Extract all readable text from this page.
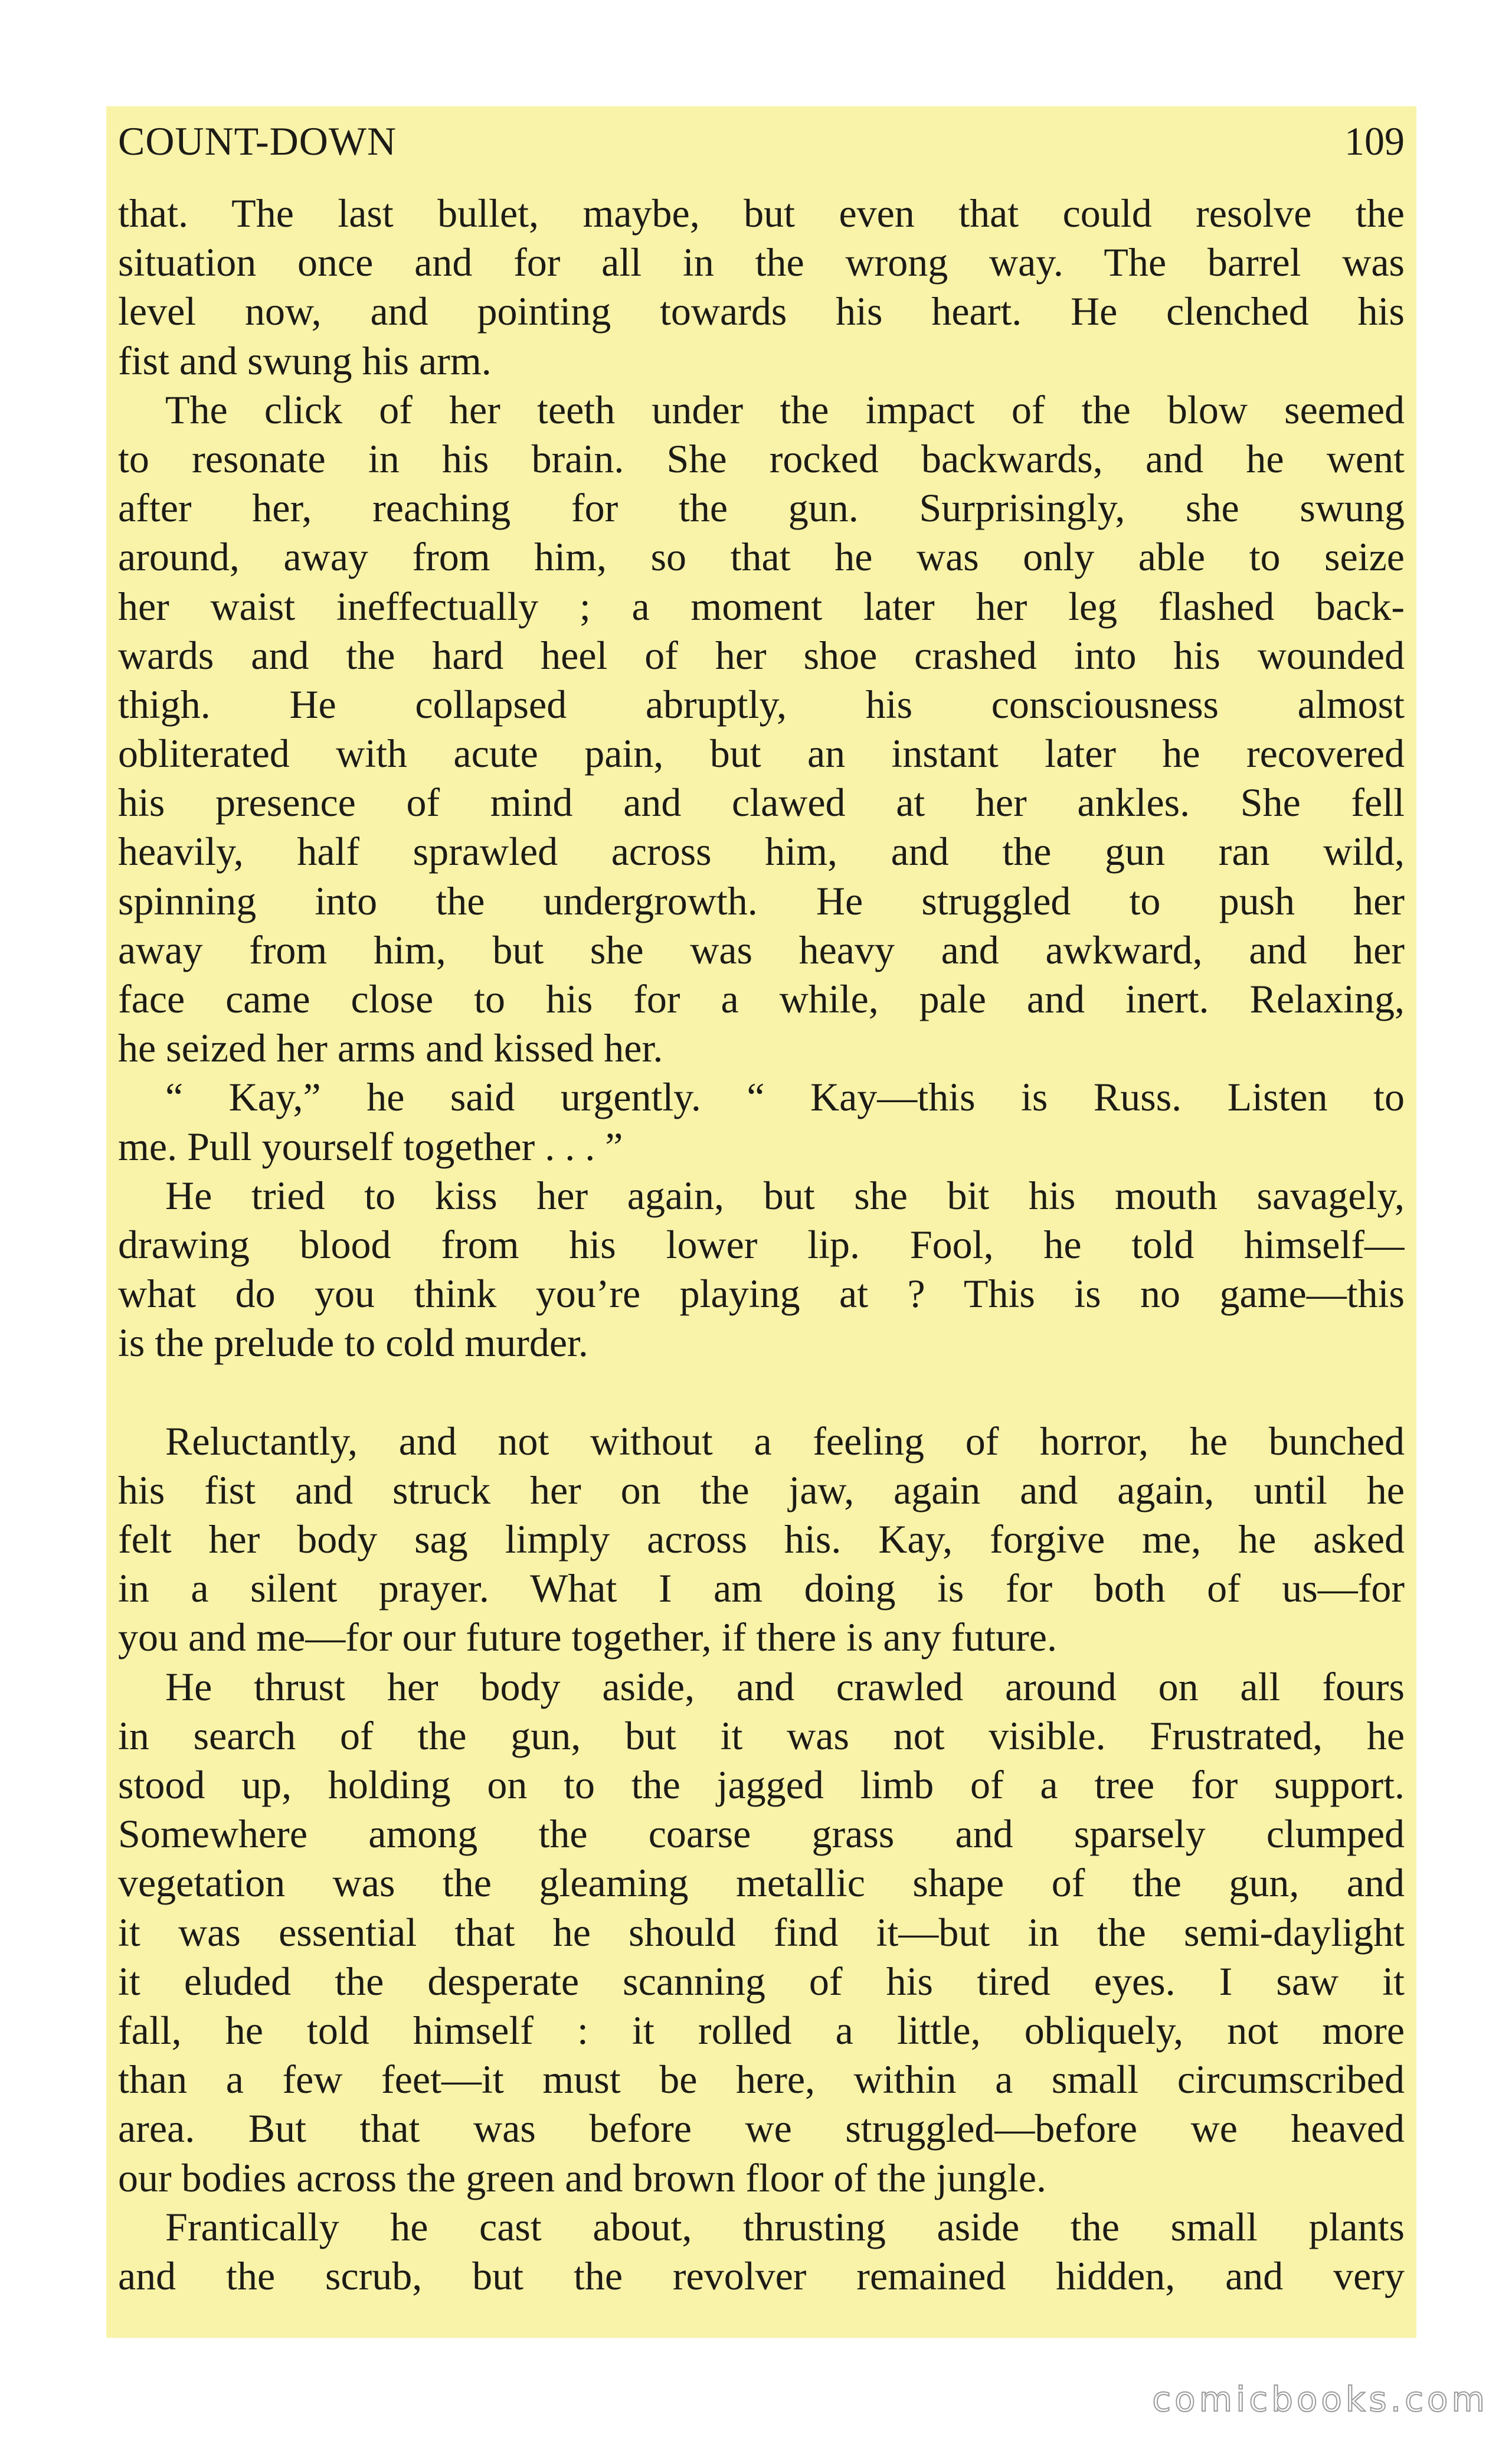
COUNT-DOWN	109
that. The last bullet, maybe, but even that could resolve the
situation once and for all in the wrong way. The barrel was
level now, and pointing towards his heart. He clenched his
fist and swung his arm.
The click of her teeth under the impact of the blow seemed
to resonate in his brain. She rocked backwards, and he went
after her, reaching for the gun. Surprisingly, she swung
around, away from him, so that he was only able to seize
her waist ineffectually ; a moment later her leg flashed back-
wards and the hard heel of her shoe crashed into his wounded
thigh. He collapsed abruptly, his consciousness almost
obliterated with acute pain, but an instant later he recovered
his presence of mind and clawed at her ankles. She fell
heavily, half sprawled across him, and the gun ran wild,
spinning into the undergrowth. He struggled to push her
away from him, but she was heavy and awkward, and her
face came close to his for a while, pale and inert. Relaxing,
he seized her arms and kissed her.
“ Kay,” he said urgently. “ Kay—this is Russ. Listen to
me. Pull yourself together . . . ”
He tried to kiss her again, but she bit his mouth savagely,
drawing blood from his lower lip. Fool, he told himself—
what do you think you’re playing at ? This is no game—this
is the prelude to cold murder.
Reluctantly, and not without a feeling of horror, he bunched
his fist and struck her on the jaw, again and again, until he
felt her body sag limply across his. Kay, forgive me, he asked
in a silent prayer. What I am doing is for both of us—for
you and me—for our future together, if there is any future.
He thrust her body aside, and crawled around on all fours
in search of the gun, but it was not visible. Frustrated, he
stood up, holding on to the jagged limb of a tree for support.
Somewhere among the coarse grass and sparsely clumped
vegetation was the gleaming metallic shape of the gun, and
it was essential that he should find it—but in the semi-daylight
it eluded the desperate scanning of his tired eyes. I saw it
fall, he told himself : it rolled a little, obliquely, not more
than a few feet—it must be here, within a small circumscribed
area. But that was before we struggled—before we heaved
our bodies across the green and brown floor of the jungle.
Frantically he cast about, thrusting aside the small plants
and the scrub, but the revolver remained hidden, and very
comicbooks.com
